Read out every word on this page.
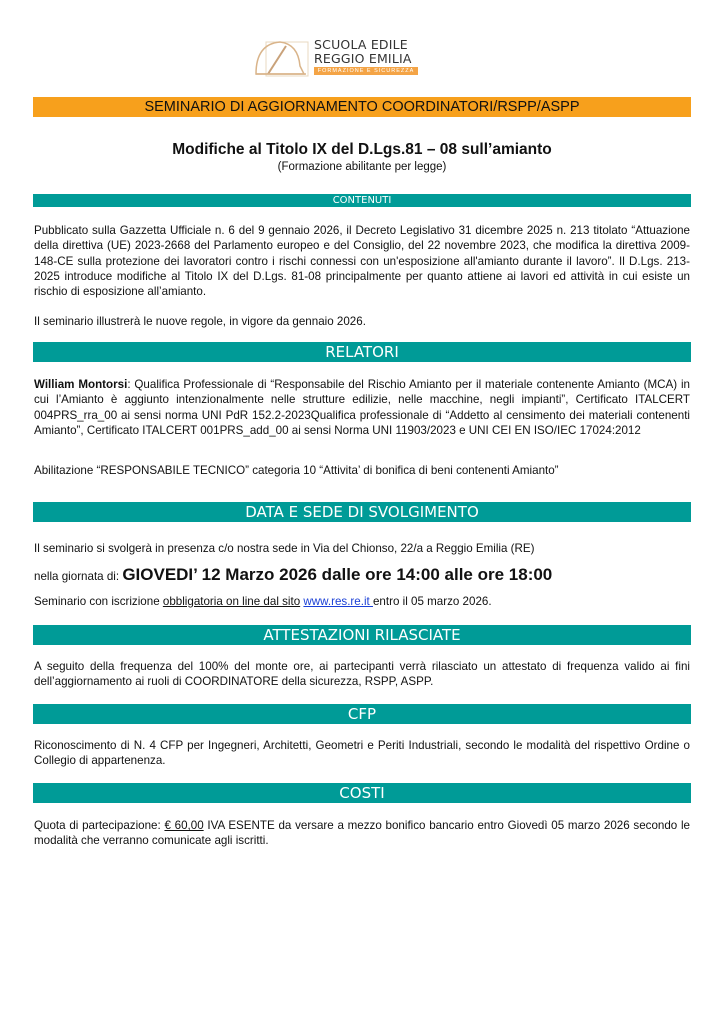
SCUOLA EDILE
REGGIO EMILIA
FORMAZIONE E SICUREZZA
SEMINARIO DI AGGIORNAMENTO COORDINATORI/RSPP/ASPP
Modifiche al Titolo IX del D.Lgs.81 – 08 sull’amianto
(Formazione abilitante per legge)
CONTENUTI
Pubblicato sulla Gazzetta Ufficiale n. 6 del 9 gennaio 2026, il Decreto Legislativo 31 dicembre 2025 n. 213 titolato “Attuazione della direttiva (UE) 2023-2668 del Parlamento europeo e del Consiglio, del 22 novembre 2023, che modifica la direttiva 2009-148-CE sulla protezione dei lavoratori contro i rischi connessi con un'esposizione all'amianto durante il lavoro”. Il D.Lgs. 213-2025 introduce modifiche al Titolo IX del D.Lgs. 81-08 principalmente per quanto attiene ai lavori ed attività in cui esiste un rischio di esposizione all’amianto.
Il seminario illustrerà le nuove regole, in vigore da gennaio 2026.
RELATORI
William Montorsi: Qualifica Professionale di “Responsabile del Rischio Amianto per il materiale contenente Amianto (MCA) in cui l’Amianto è aggiunto intenzionalmente nelle strutture edilizie, nelle macchine, negli impianti”, Certificato ITALCERT 004PRS_rra_00 ai sensi norma UNI PdR 152.2-2023Qualifica professionale di “Addetto al censimento dei materiali contenenti Amianto”, Certificato ITALCERT 001PRS_add_00 ai sensi Norma UNI 11903/2023 e UNI CEI EN ISO/IEC 17024:2012
Abilitazione “RESPONSABILE TECNICO” categoria 10 “Attivita’ di bonifica di beni contenenti Amianto”
DATA E SEDE DI SVOLGIMENTO
Il seminario si svolgerà in presenza c/o nostra sede in Via del Chionso, 22/a a Reggio Emilia (RE)
nella giornata di: GIOVEDI’ 12 Marzo 2026 dalle ore 14:00 alle ore 18:00
Seminario con iscrizione obbligatoria on line dal sito www.res.re.it entro il 05 marzo 2026.
ATTESTAZIONI RILASCIATE
A seguito della frequenza del 100% del monte ore, ai partecipanti verrà rilasciato un attestato di frequenza valido ai fini dell’aggiornamento ai ruoli di COORDINATORE della sicurezza, RSPP, ASPP.
CFP
Riconoscimento di N. 4 CFP per Ingegneri, Architetti, Geometri e Periti Industriali, secondo le modalità del rispettivo Ordine o Collegio di appartenenza.
COSTI
Quota di partecipazione: € 60,00 IVA ESENTE da versare a mezzo bonifico bancario entro Giovedì 05 marzo 2026 secondo le modalità che verranno comunicate agli iscritti.
